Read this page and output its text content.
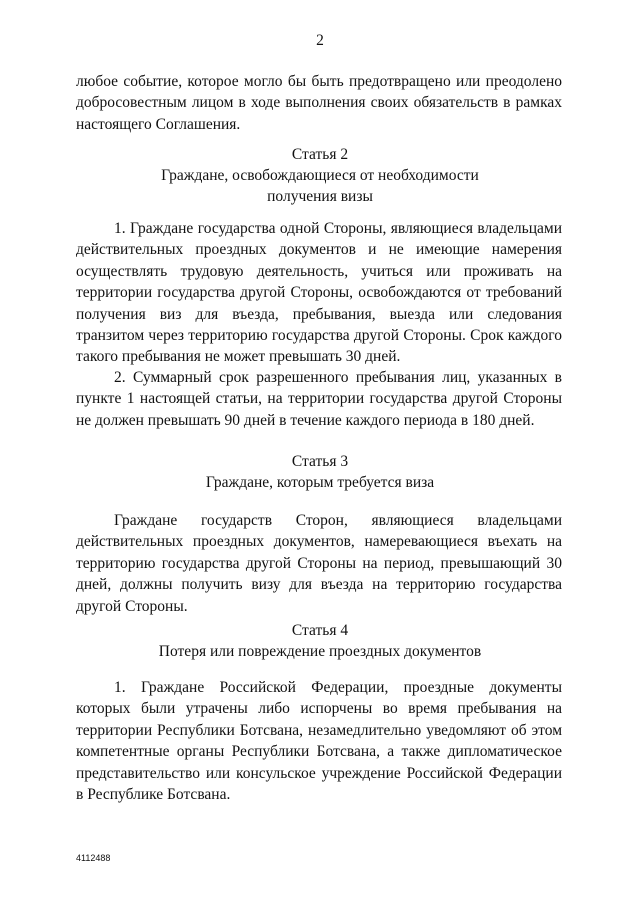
2

любое событие, которое могло бы быть предотвращено или преодолено добросовестным лицом в ходе выполнения своих обязательств в рамках настоящего Соглашения.

Статья 2

Граждане, освобождающиеся от необходимости

получения визы

1. Граждане государства одной Стороны, являющиеся владельцами действительных проездных документов и не имеющие намерения осуществлять трудовую деятельность, учиться или проживать на территории государства другой Стороны, освобождаются от требований получения виз для въезда, пребывания, выезда или следования транзитом через территорию государства другой Стороны. Срок каждого такого пребывания не может превышать 30 дней.

2. Суммарный срок разрешенного пребывания лиц, указанных в пункте 1 настоящей статьи, на территории государства другой Стороны не должен превышать 90 дней в течение каждого периода в 180 дней.

Статья 3

Граждане, которым требуется виза

Граждане государств Сторон, являющиеся владельцами действительных проездных документов, намеревающиеся въехать на территорию государства другой Стороны на период, превышающий 30 дней, должны получить визу для въезда на территорию государства другой Стороны.

Статья 4

Потеря или повреждение проездных документов

1. Граждане Российской Федерации, проездные документы которых были утрачены либо испорчены во время пребывания на территории Республики Ботсвана, незамедлительно уведомляют об этом компетентные органы Республики Ботсвана, а также дипломатическое представительство или консульское учреждение Российской Федерации в Республике Ботсвана.

4112488
